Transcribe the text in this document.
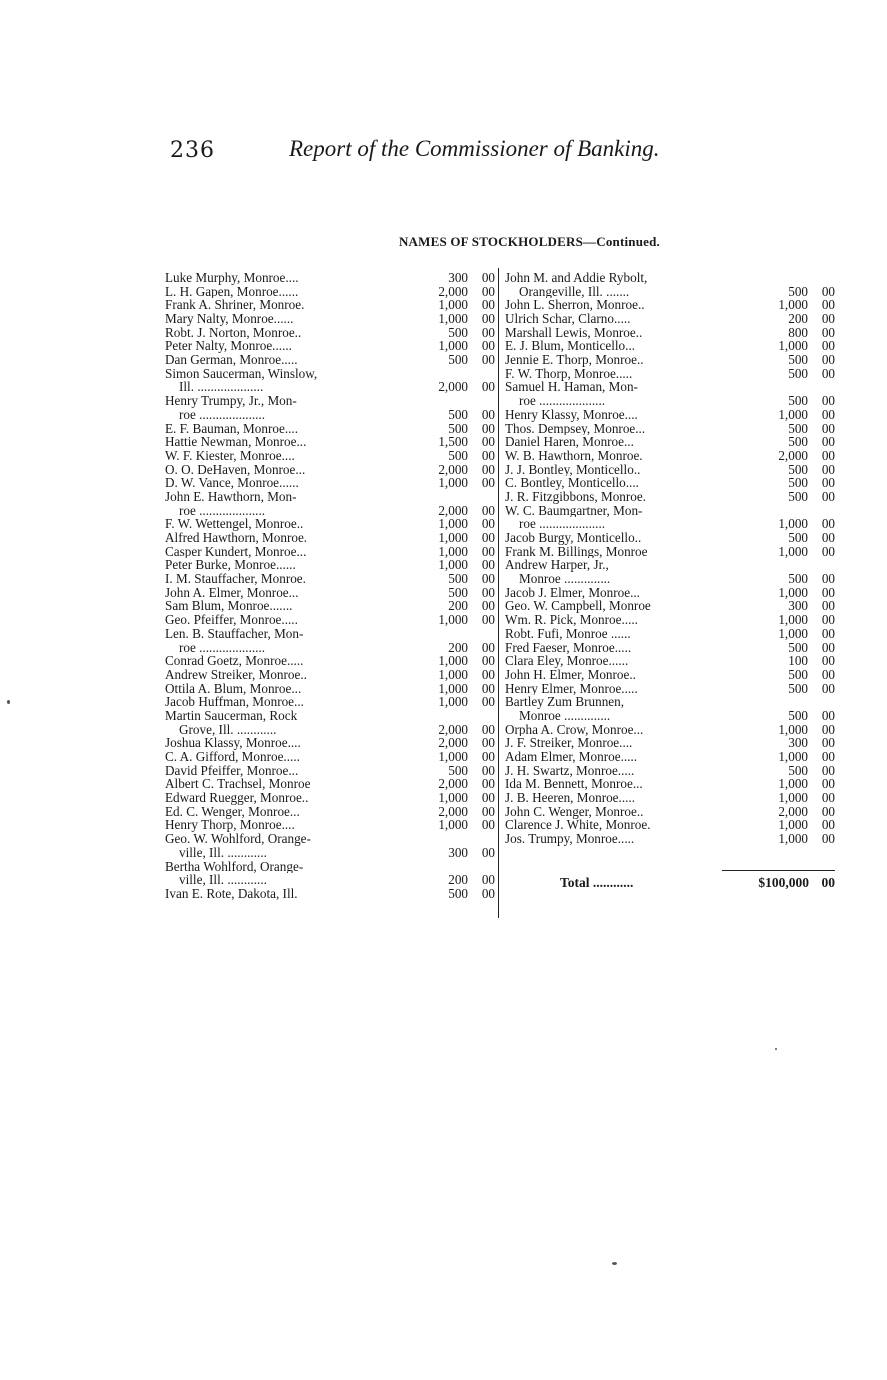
236	Report of the Commissioner of Banking.
NAMES OF STOCKHOLDERS—Continued.
Luke Murphy, Monroe....	300	00
L. H. Gapen, Monroe......	2,000	00
Frank A. Shriner, Monroe.	1,000	00
Mary Nalty, Monroe......	1,000	00
Robt. J. Norton, Monroe..	500	00
Peter Nalty, Monroe......	1,000	00
Dan German, Monroe.....	500	00
Simon Saucerman, Winslow,
Ill. ....................	2,000	00
Henry Trumpy, Jr., Mon-
roe ....................	500	00
E. F. Bauman, Monroe....	500	00
Hattie Newman, Monroe...	1,500	00
W. F. Kiester, Monroe....	500	00
O. O. DeHaven, Monroe...	2,000	00
D. W. Vance, Monroe......	1,000	00
John E. Hawthorn, Mon-
roe ....................	2,000	00
F. W. Wettengel, Monroe..	1,000	00
Alfred Hawthorn, Monroe.	1,000	00
Casper Kundert, Monroe...	1,000	00
Peter Burke, Monroe......	1,000	00
I. M. Stauffacher, Monroe.	500	00
John A. Elmer, Monroe...	500	00
Sam Blum, Monroe.......	200	00
Geo. Pfeiffer, Monroe.....	1,000	00
Len. B. Stauffacher, Mon-
roe ....................	200	00
Conrad Goetz, Monroe.....	1,000	00
Andrew Streiker, Monroe..	1,000	00
Ottila A. Blum, Monroe...	1,000	00
Jacob Huffman, Monroe...	1,000	00
Martin Saucerman, Rock
Grove, Ill. ............	2,000	00
Joshua Klassy, Monroe....	2,000	00
C. A. Gifford, Monroe.....	1,000	00
David Pfeiffer, Monroe...	500	00
Albert C. Trachsel, Monroe	2,000	00
Edward Ruegger, Monroe..	1,000	00
Ed. C. Wenger, Monroe...	2,000	00
Henry Thorp, Monroe....	1,000	00
Geo. W. Wohlford, Orange-
ville, Ill. ............	300	00
Bertha Wohlford, Orange-
ville, Ill. ............	200	00
Ivan E. Rote, Dakota, Ill.	500	00
John M. and Addie Rybolt,
Orangeville, Ill. .......	500	00
John L. Sherron, Monroe..	1,000	00
Ulrich Schar, Clarno.....	200	00
Marshall Lewis, Monroe..	800	00
E. J. Blum, Monticello...	1,000	00
Jennie E. Thorp, Monroe..	500	00
F. W. Thorp, Monroe.....	500	00
Samuel H. Haman, Mon-
roe ....................	500	00
Henry Klassy, Monroe....	1,000	00
Thos. Dempsey, Monroe...	500	00
Daniel Haren, Monroe...	500	00
W. B. Hawthorn, Monroe.	2,000	00
J. J. Bontley, Monticello..	500	00
C. Bontley, Monticello....	500	00
J. R. Fitzgibbons, Monroe.	500	00
W. C. Baumgartner, Mon-
roe ....................	1,000	00
Jacob Burgy, Monticello..	500	00
Frank M. Billings, Monroe	1,000	00
Andrew Harper, Jr.,
Monroe ..............	500	00
Jacob J. Elmer, Monroe...	1,000	00
Geo. W. Campbell, Monroe	300	00
Wm. R. Pick, Monroe.....	1,000	00
Robt. Fufi, Monroe ......	1,000	00
Fred Faeser, Monroe.....	500	00
Clara Eley, Monroe......	100	00
John H. Elmer, Monroe..	500	00
Henry Elmer, Monroe.....	500	00
Bartley Zum Brunnen,
Monroe ..............	500	00
Orpha A. Crow, Monroe...	1,000	00
J. F. Streiker, Monroe....	300	00
Adam Elmer, Monroe.....	1,000	00
J. H. Swartz, Monroe.....	500	00
Ida M. Bennett, Monroe...	1,000	00
J. B. Heeren, Monroe.....	1,000	00
John C. Wenger, Monroe..	2,000	00
Clarence J. White, Monroe.	1,000	00
Jos. Trumpy, Monroe.....	1,000	00
Total ............	$100,000 00
